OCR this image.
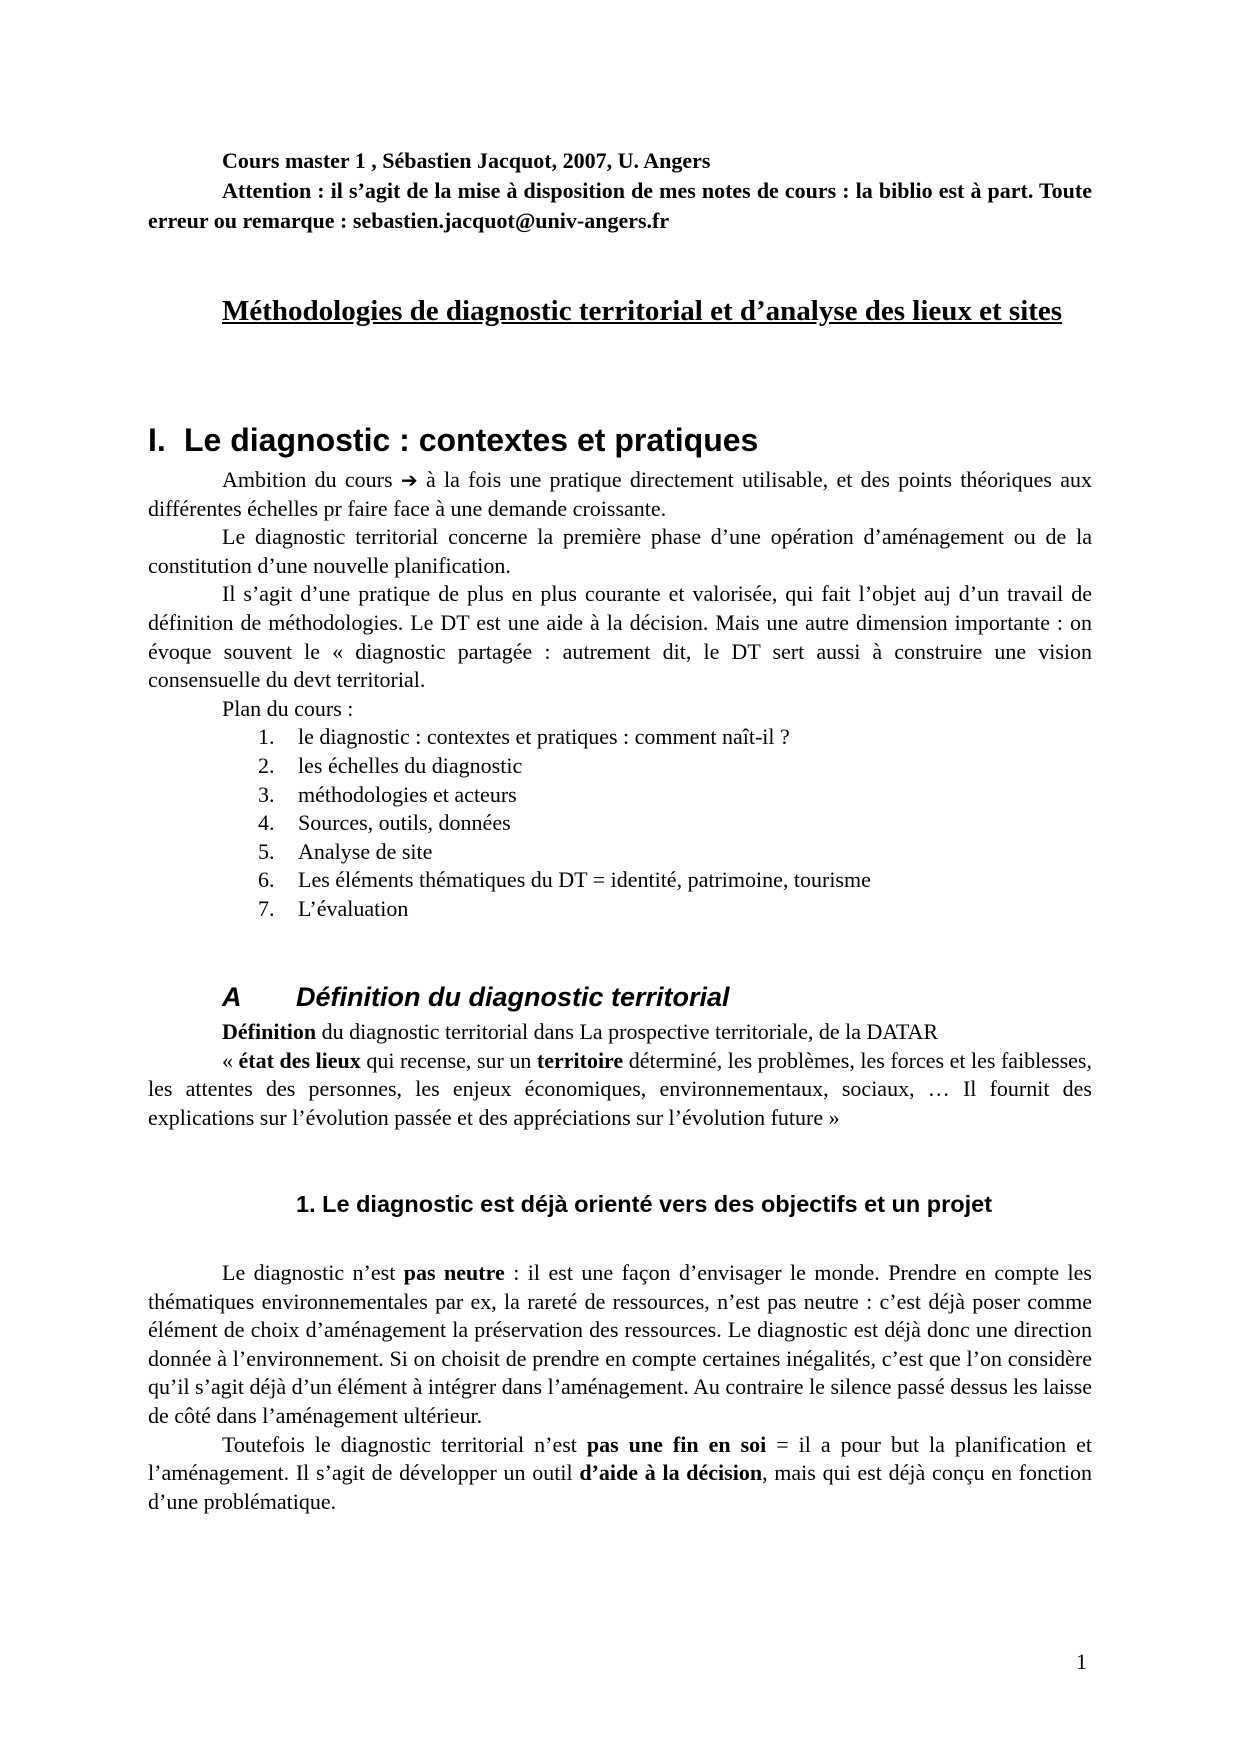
Cours master 1 , Sébastien Jacquot, 2007, U. Angers
Attention : il s’agit de la mise à disposition de mes notes de cours : la biblio est à part. Toute erreur ou remarque : sebastien.jacquot@univ-angers.fr
Méthodologies de diagnostic territorial et d’analyse des lieux et sites
I. Le diagnostic : contextes et pratiques

Ambition du cours ➔ à la fois une pratique directement utilisable, et des points théoriques aux différentes échelles pr faire face à une demande croissante.

Le diagnostic territorial concerne la première phase d’une opération d’aménagement ou de la constitution d’une nouvelle planification.

Il s’agit d’une pratique de plus en plus courante et valorisée, qui fait l’objet auj d’un travail de définition de méthodologies. Le DT est une aide à la décision. Mais une autre dimension importante : on évoque souvent le « diagnostic partagée : autrement dit, le DT sert aussi à construire une vision consensuelle du devt territorial.

Plan du cours :

1.	le diagnostic : contextes et pratiques : comment naît-il ?
2.	les échelles du diagnostic
3.	méthodologies et acteurs
4.	Sources, outils, données
5.	Analyse de site
6.	Les éléments thématiques du DT = identité, patrimoine, tourisme
7.	L’évaluation
A Définition du diagnostic territorial

Définition du diagnostic territorial dans La prospective territoriale, de la DATAR

« état des lieux qui recense, sur un territoire déterminé, les problèmes, les forces et les faiblesses, les attentes des personnes, les enjeux économiques, environnementaux, sociaux, … Il fournit des explications sur l’évolution passée et des appréciations sur l’évolution future »

1. Le diagnostic est déjà orienté vers des objectifs et un projet

Le diagnostic n’est pas neutre : il est une façon d’envisager le monde. Prendre en compte les thématiques environnementales par ex, la rareté de ressources, n’est pas neutre : c’est déjà poser comme élément de choix d’aménagement la préservation des ressources. Le diagnostic est déjà donc une direction donnée à l’environnement. Si on choisit de prendre en compte certaines inégalités, c’est que l’on considère qu’il s’agit déjà d’un élément à intégrer dans l’aménagement. Au contraire le silence passé dessus les laisse de côté dans l’aménagement ultérieur.

Toutefois le diagnostic territorial n’est pas une fin en soi = il a pour but la planification et l’aménagement. Il s’agit de développer un outil d’aide à la décision, mais qui est déjà conçu en fonction d’une problématique.

1
